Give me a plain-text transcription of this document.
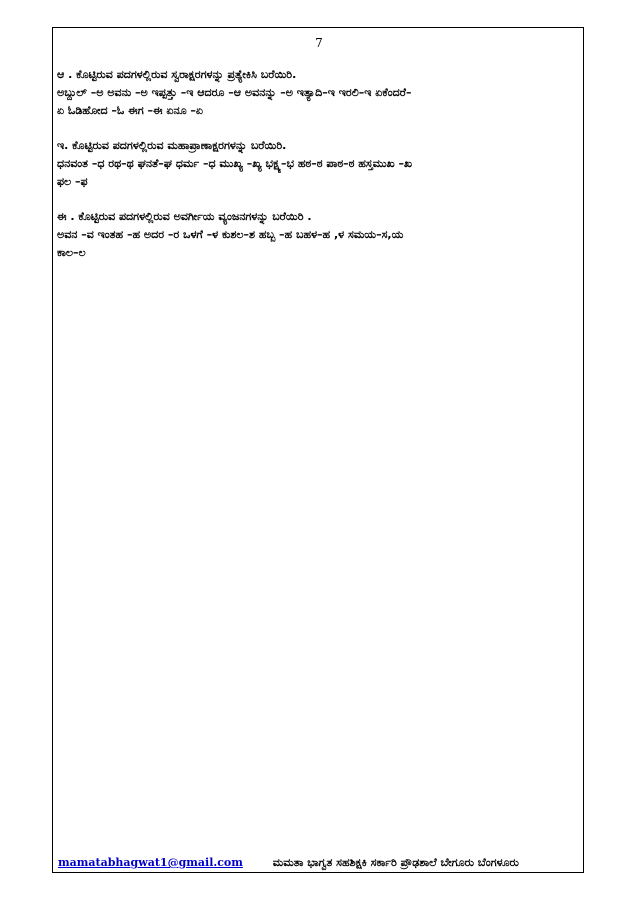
7
ಆ . ಕೊಟ್ಟಿರುವ ಪದಗಳಲ್ಲಿರುವ ಸ್ವರಾಕ್ಷರಗಳನ್ನು ಪ್ರತ್ಯೇಕಿಸಿ ಬರೆಯಿರಿ.
ಅಬ್ದುಲ್ –ಅ ಅವನು –ಅ ಇಪ್ಪತ್ತು –ಇ ಆದರೂ –ಆ ಅವನನ್ನು –ಅ ಇತ್ಯಾದಿ–ಇ ಇರಲಿ–ಇ ಏಕೆಂದರೆ–
ಏ ಓಡಿಹೋದ –ಓ ಈಗ –ಈ ಏನೂ –ಏ
ಇ. ಕೊಟ್ಟಿರುವ ಪದಗಳಲ್ಲಿರುವ ಮಹಾಪ್ರಾಣಾಕ್ಷರಗಳನ್ನು ಬರೆಯಿರಿ.
ಧನವಂತ –ಧ ರಥ–ಥ ಘನತೆ–ಘ ಧರ್ಮ –ಧ ಮುಖ್ಯ –ಖ್ಯ ಭಕ್ಷ್ಯ–ಭ ಹಠ–ಠ ಪಾಠ–ಠ ಹಸ್ತಮುಖ –ಖ
ಫಲ –ಫ
ಈ . ಕೊಟ್ಟಿರುವ ಪದಗಳಲ್ಲಿರುವ ಅವರ್ಗೀಯ ವ್ಯಂಜನಗಳನ್ನು ಬರೆಯಿರಿ .
ಅವನ –ವ ಇಂತಹ –ಹ ಅದರ –ರ ಒಳಗೆ –ಳ ಕುಶಲ–ಶ ಹಬ್ಬ –ಹ ಬಹಳ–ಹ ,ಳ ಸಮಯ–ಸ,ಯ
ಕಾಲ–ಲ
mamatabhagwat1@gmail.com	ಮಮತಾ ಭಾಗ್ವತ ಸಹಶಿಕ್ಷಕಿ ಸರ್ಕಾರಿ ಪ್ರೌಢಶಾಲೆ ಬೇಗೂರು ಬೆಂಗಳೂರು
